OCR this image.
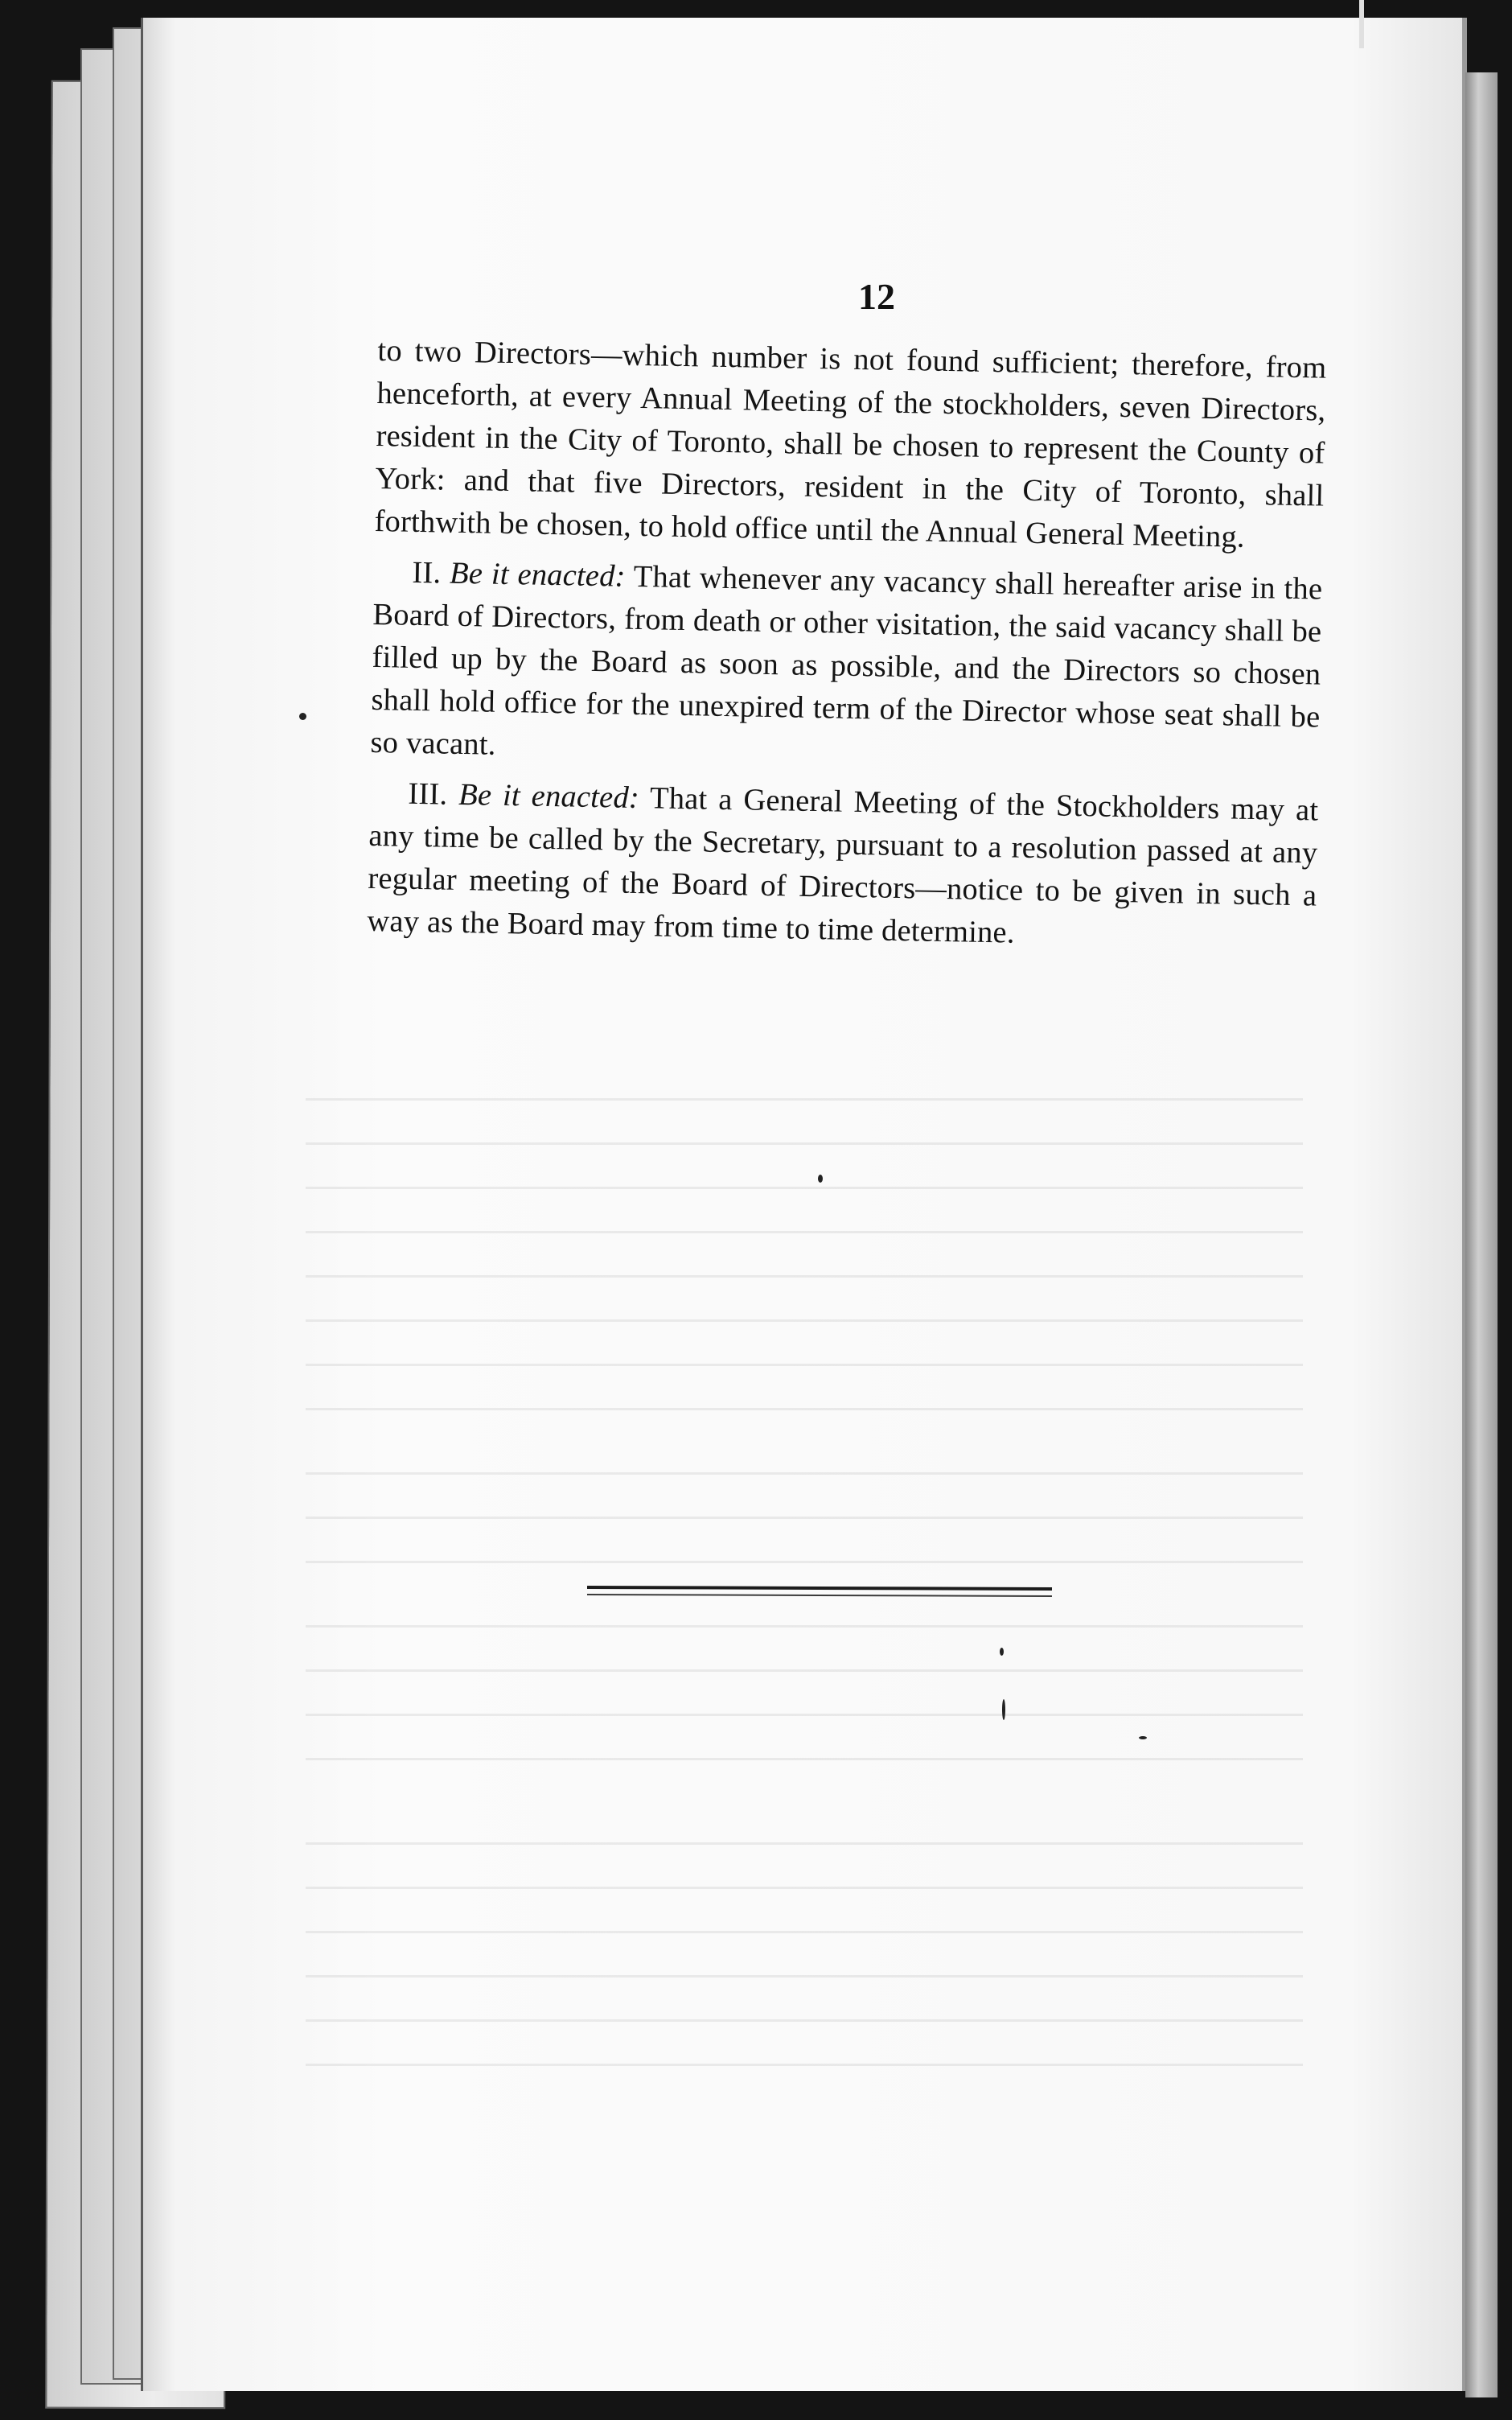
12

to two Directors—which number is not found sufficient; therefore, from henceforth, at every Annual Meeting of the stockholders, seven Directors, resident in the City of Toronto, shall be chosen to represent the County of York: and that five Directors, resident in the City of Toronto, shall forthwith be chosen, to hold office until the Annual General Meeting.

II. Be it enacted: That whenever any vacancy shall hereafter arise in the Board of Directors, from death or other visitation, the said vacancy shall be filled up by the Board as soon as possible, and the Directors so chosen shall hold office for the unexpired term of the Director whose seat shall be so vacant.

III. Be it enacted: That a General Meeting of the Stockholders may at any time be called by the Secretary, pursuant to a resolution passed at any regular meeting of the Board of Directors—notice to be given in such a way as the Board may from time to time determine.
